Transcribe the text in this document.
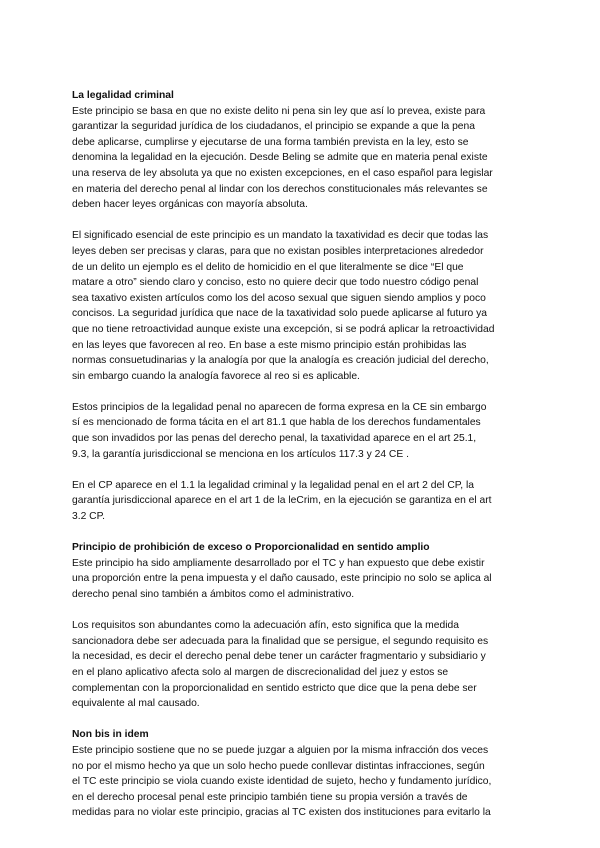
La legalidad criminal
Este principio se basa en que no existe delito ni pena sin ley que así lo prevea, existe para
garantizar la seguridad jurídica de los ciudadanos, el principio se expande a que la pena
debe aplicarse, cumplirse y ejecutarse de una forma también prevista en la ley, esto se
denomina la legalidad en la ejecución. Desde Beling se admite que en materia penal existe
una reserva de ley absoluta ya que no existen excepciones, en el caso español para legislar
en materia del derecho penal al lindar con los derechos constitucionales más relevantes se
deben hacer leyes orgánicas con mayoría absoluta.
El significado esencial de este principio es un mandato la taxatividad es decir que todas las
leyes deben ser precisas y claras, para que no existan posibles interpretaciones alrededor
de un delito un ejemplo es el delito de homicidio en el que literalmente se dice “El que
matare a otro” siendo claro y conciso, esto no quiere decir que todo nuestro código penal
sea taxativo existen artículos como los del acoso sexual que siguen siendo amplios y poco
concisos. La seguridad jurídica que nace de la taxatividad solo puede aplicarse al futuro ya
que no tiene retroactividad aunque existe una excepción, si se podrá aplicar la retroactividad
en las leyes que favorecen al reo. En base a este mismo principio están prohibidas las
normas consuetudinarias y la analogía por que la analogía es creación judicial del derecho,
sin embargo cuando la analogía favorece al reo si es aplicable.
Estos principios de la legalidad penal no aparecen de forma expresa en la CE sin embargo
sí es mencionado de forma tácita en el art 81.1 que habla de los derechos fundamentales
que son invadidos por las penas del derecho penal, la taxatividad aparece en el art 25.1,
9.3, la garantía jurisdiccional se menciona en los artículos 117.3 y 24 CE .
En el CP aparece en el 1.1 la legalidad criminal y la legalidad penal en el art 2 del CP, la
garantía jurisdiccional aparece en el art 1 de la leCrim, en la ejecución se garantiza en el art
3.2 CP.
Principio de prohibición de exceso o Proporcionalidad en sentido amplio
Este principio ha sido ampliamente desarrollado por el TC y han expuesto que debe existir
una proporción entre la pena impuesta y el daño causado, este principio no solo se aplica al
derecho penal sino también a ámbitos como el administrativo.
Los requisitos son abundantes como la adecuación afín, esto significa que la medida
sancionadora debe ser adecuada para la finalidad que se persigue, el segundo requisito es
la necesidad, es decir el derecho penal debe tener un carácter fragmentario y subsidiario y
en el plano aplicativo afecta solo al margen de discrecionalidad del juez y estos se
complementan con la proporcionalidad en sentido estricto que dice que la pena debe ser
equivalente al mal causado.
Non bis in idem
Este principio sostiene que no se puede juzgar a alguien por la misma infracción dos veces
no por el mismo hecho ya que un solo hecho puede conllevar distintas infracciones, según
el TC este principio se viola cuando existe identidad de sujeto, hecho y fundamento jurídico,
en el derecho procesal penal este principio también tiene su propia versión a través de
medidas para no violar este principio, gracias al TC existen dos instituciones para evitarlo la
